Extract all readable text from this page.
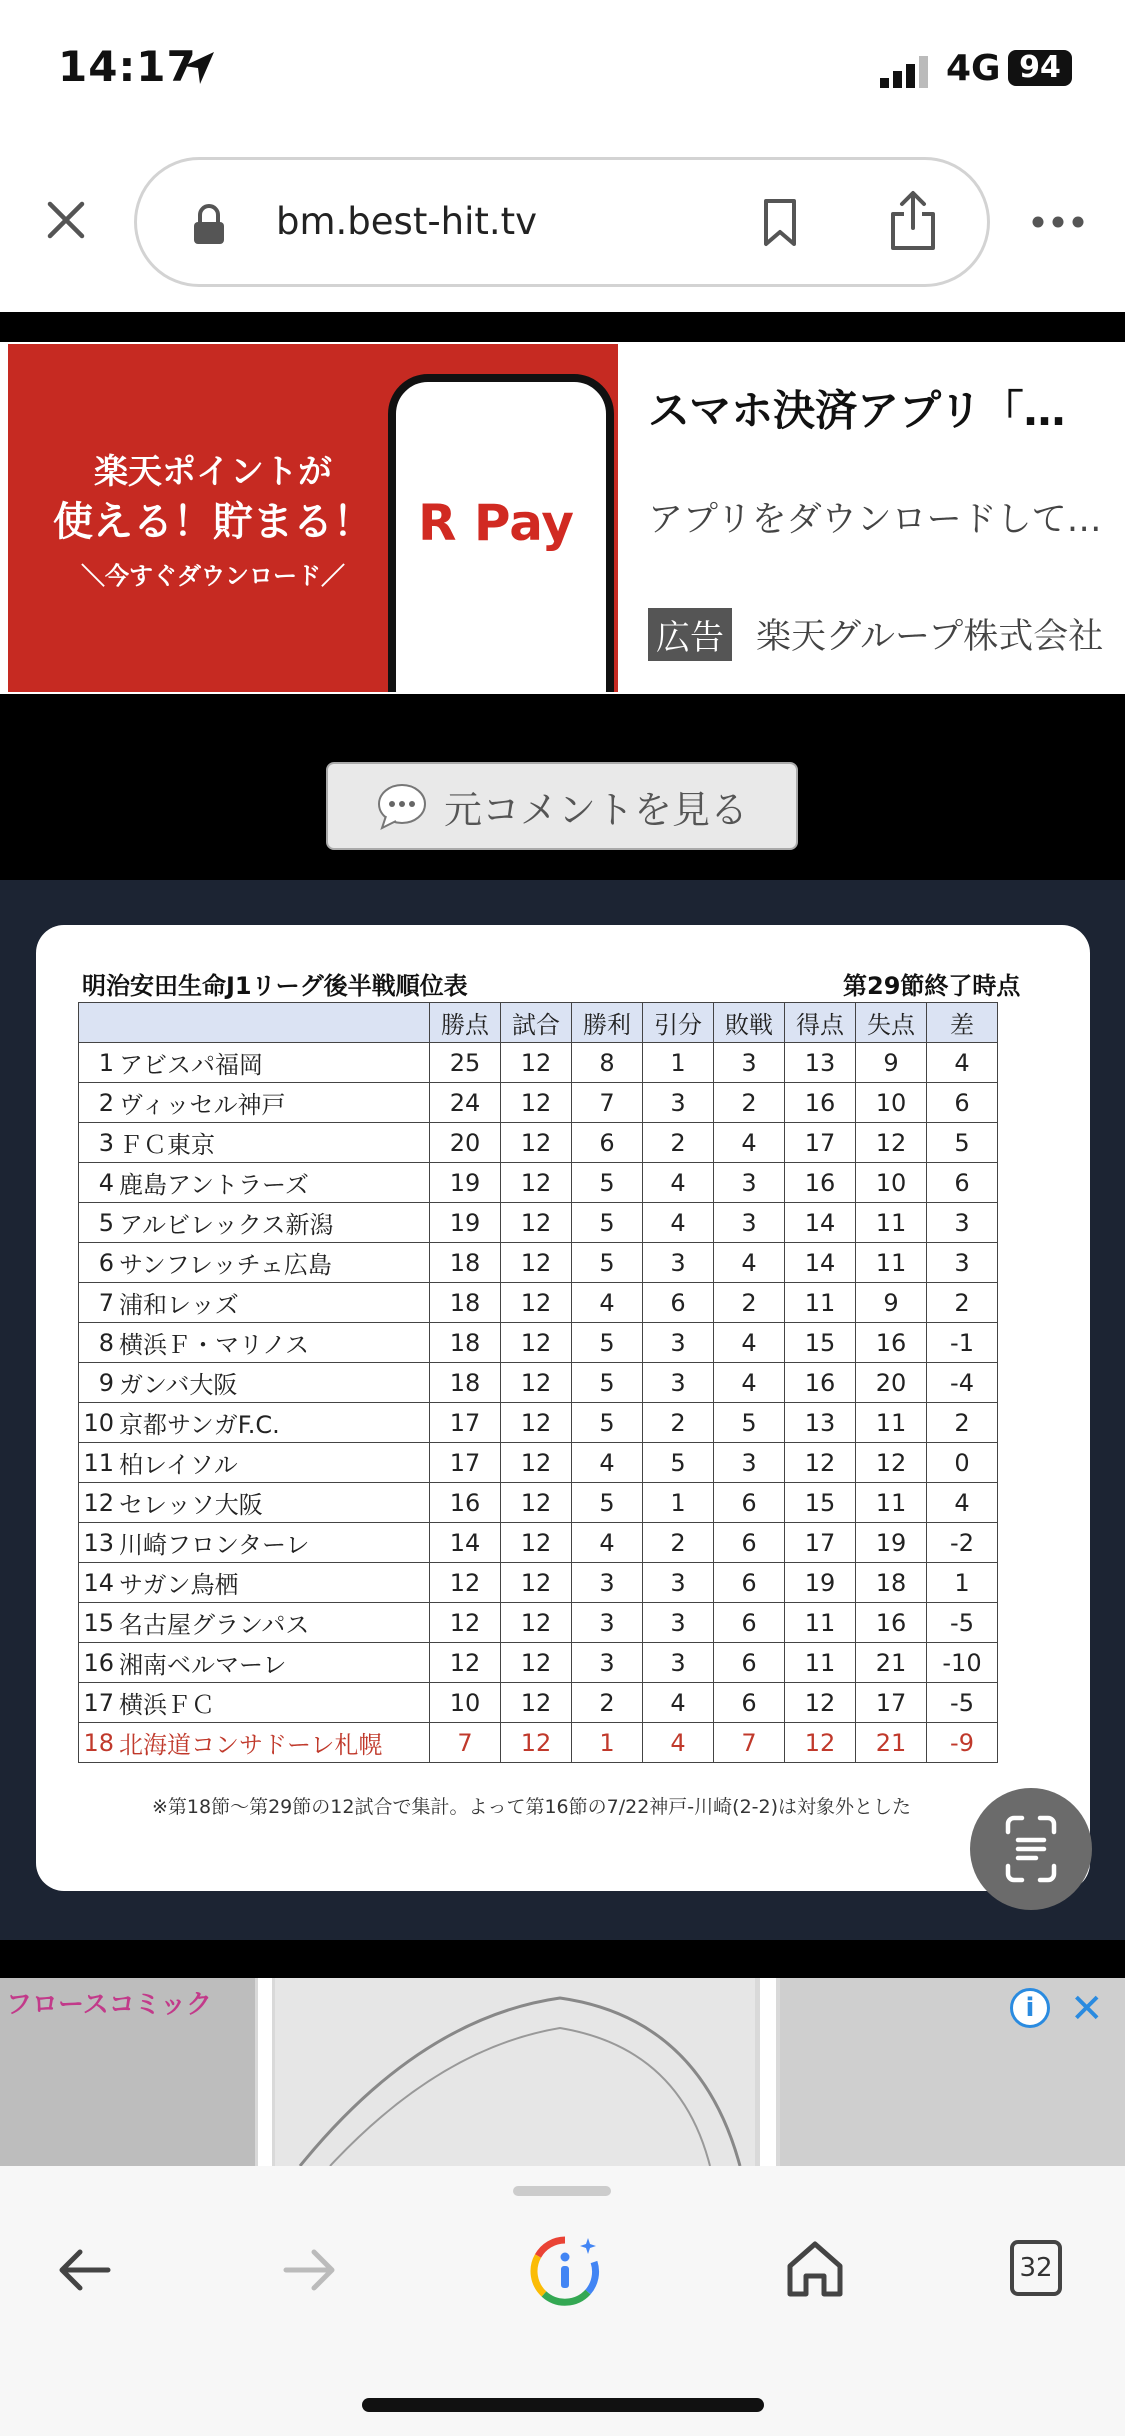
14:17	4G 94
bm.best-hit.tv
楽天ポイントが
使える！貯まる！
＼今すぐダウンロード／
R Pay
スマホ決済アプリ「…
アプリをダウンロードして…
広告 楽天グループ株式会社
元コメントを見る
明治安田生命J1リーグ後半戦順位表	第29節終了時点
		勝点	試合	勝利	引分	敗戦	得点	失点	差
1	アビスパ福岡	25	12	8	1	3	13	9	4
2	ヴィッセル神戸	24	12	7	3	2	16	10	6
3	ＦＣ東京	20	12	6	2	4	17	12	5
4	鹿島アントラーズ	19	12	5	4	3	16	10	6
5	アルビレックス新潟	19	12	5	4	3	14	11	3
6	サンフレッチェ広島	18	12	5	3	4	14	11	3
7	浦和レッズ	18	12	4	6	2	11	9	2
8	横浜Ｆ・マリノス	18	12	5	3	4	15	16	-1
9	ガンバ大阪	18	12	5	3	4	16	20	-4
10	京都サンガF.C.	17	12	5	2	5	13	11	2
11	柏レイソル	17	12	4	5	3	12	12	0
12	セレッソ大阪	16	12	5	1	6	15	11	4
13	川崎フロンターレ	14	12	4	2	6	17	19	-2
14	サガン鳥栖	12	12	3	3	6	19	18	1
15	名古屋グランパス	12	12	3	3	6	11	16	-5
16	湘南ベルマーレ	12	12	3	3	6	11	21	-10
17	横浜ＦＣ	10	12	2	4	6	12	17	-5
18	北海道コンサドーレ札幌	7	12	1	4	7	12	21	-9
※第18節～第29節の12試合で集計。よって第16節の7/22神戸-川崎(2-2)は対象外とした
フロースコミック	i ✕
32
